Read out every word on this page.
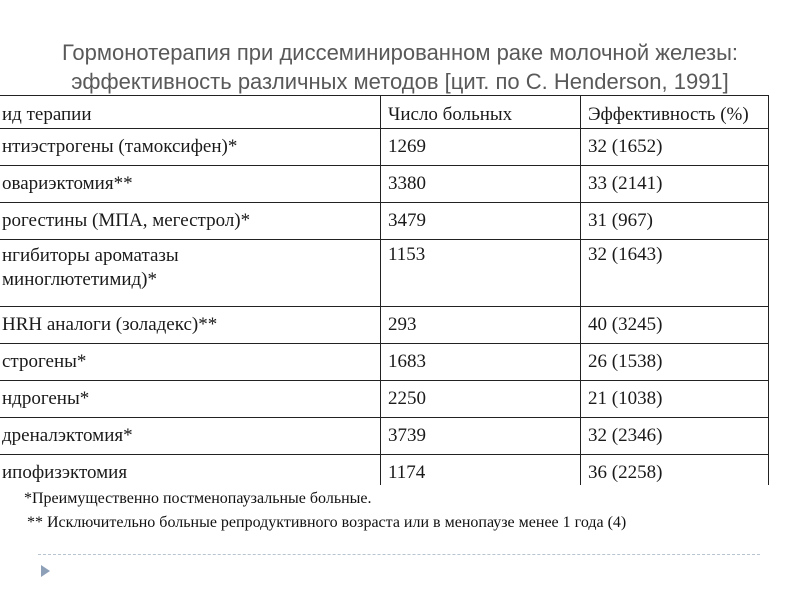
Гормонотерапия при диссеминированном раке молочной железы:
эффективность различных методов [цит. по С. Henderson, 1991]
ид терапии	Число больных	Эффективность (%)
нтиэстрогены (тамоксифен)*	1269	32 (1652)
овариэктомия**	3380	33 (2141)
рогестины (МПА, мегестрол)*	3479	31 (967)

нгибиторы ароматазы
миноглютетимид)*	1153	32 (1643)
HRH аналоги (золадекс)**	293	40 (3245)
строгены*	1683	26 (1538)
ндрогены*	2250	21 (1038)
дреналэктомия*	3739	32 (2346)
ипофизэктомия	1174	36 (2258)
*Преимущественно постменопаузальные больные.
** Исключительно больные репродуктивного возраста или в менопаузе менее 1 года (4)
